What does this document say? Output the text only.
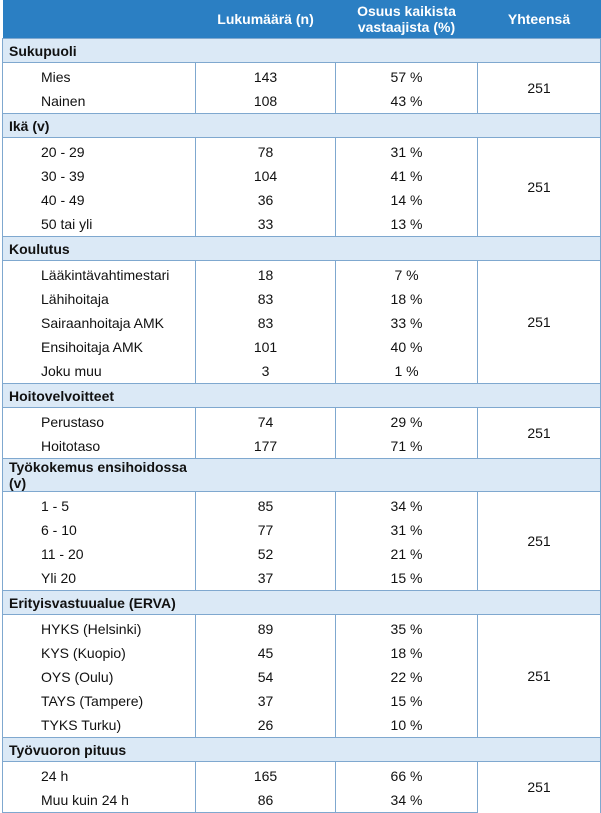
	Lukumäärä (n)	Osuus kaikista vastaajista (%)	Yhteensä
Sukupuoli			
Mies	143	57 %	251
Nainen	108	43 %	
Ikä (v)			
20 - 29	78	31 %	251
30 - 39	104	41 %	
40 - 49	36	14 %	
50 tai yli	33	13 %	
Koulutus			
Lääkintävahtimestari	18	7 %	251
Lähihoitaja	83	18 %	
Sairaanhoitaja AMK	83	33 %	
Ensihoitaja AMK	101	40 %	
Joku muu	3	1 %	
Hoitovelvoitteet			
Perustaso	74	29 %	251
Hoitotaso	177	71 %	
Työkokemus ensihoidossa (v)			
1 - 5	85	34 %	251
6 - 10	77	31 %	
11 - 20	52	21 %	
Yli 20	37	15 %	
Erityisvastuualue (ERVA)			
HYKS (Helsinki)	89	35 %	251
KYS (Kuopio)	45	18 %	
OYS (Oulu)	54	22 %	
TAYS (Tampere)	37	15 %	
TYKS Turku)	26	10 %	
Työvuoron pituus			
24 h	165	66 %	251
Muu kuin 24 h	86	34 %	
